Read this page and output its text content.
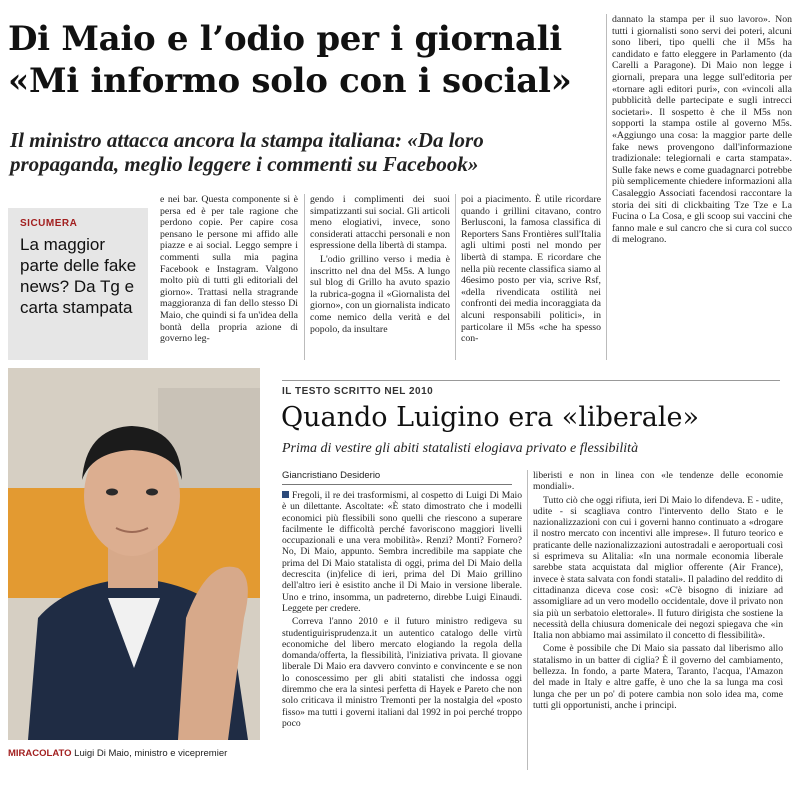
Di Maio e l’odio per i giornali
«Mi informo solo con i social»
Il ministro attacca ancora la stampa italiana: «Da loro propaganda, meglio leggere i commenti su Facebook»
SICUMERA
La maggior parte delle fake news? Da Tg e carta stampata

e nei bar. Questa componente si è persa ed è per tale ragione che perdono copie. Per capire cosa pensano le persone mi affido alle piazze e ai social. Leggo sempre i commenti sulla mia pagina Facebook e Instagram. Valgono molto più di tutti gli editoriali del giorno». Trattasi nella stragrande maggioranza di fan dello stesso Di Maio, che quindi si fa un'idea della bontà della propria azione di governo leg-

gendo i complimenti dei suoi simpatizzanti sui social. Gli articoli meno elogiativi, invece, sono considerati attacchi personali e non espressione della libertà di stampa.

L'odio grillino verso i media è inscritto nel dna del M5s. A lungo sul blog di Grillo ha avuto spazio la rubrica-gogna il «Giornalista del giorno», con un giornalista indicato come nemico della verità e del popolo, da insultare

poi a piacimento. È utile ricordare quando i grillini citavano, contro Berlusconi, la famosa classifica di Reporters Sans Frontières sull'Italia agli ultimi posti nel mondo per libertà di stampa. E ricordare che nella più recente classifica siamo al 46esimo posto per via, scrive Rsf, «della rivendicata ostilità nei confronti dei media incoraggiata da alcuni responsabili politici», in particolare il M5s «che ha spesso con-

dannato la stampa per il suo lavoro». Non tutti i giornalisti sono servi dei poteri, alcuni sono liberi, tipo quelli che il M5s ha candidato e fatto eleggere in Parlamento (da Carelli a Paragone). Di Maio non legge i giornali, prepara una legge sull'editoria per «tornare agli editori puri», con «vincoli alla pubblicità delle partecipate e sugli intrecci societari». Il sospetto è che il M5s non sopporti la stampa ostile al governo M5s. «Aggiungo una cosa: la maggior parte delle fake news provengono dall'informazione tradizionale: telegiornali e carta stampata». Sulle fake news e come guadagnarci potrebbe più semplicemente chiedere informazioni alla Casaleggio Associati facendosi raccontare la storia dei siti di clickbaiting Tze Tze e La Fucina o La Cosa, e gli scoop sui vaccini che fanno male e sul cancro che si cura col succo di melograno.

MIRACOLATO Luigi Di Maio, ministro e vicepremier
IL TESTO SCRITTO NEL 2010
Quando Luigino era «liberale»
Prima di vestire gli abiti statalisti elogiava privato e flessibilità
Giancristiano Desiderio

Fregoli, il re dei trasformismi, al cospetto di Luigi Di Maio è un dilettante. Ascoltate: «È stato dimostrato che i modelli economici più flessibili sono quelli che riescono a superare facilmente le difficoltà perché favoriscono maggiori livelli occupazionali e una vera mobilità». Renzi? Monti? Fornero? No, Di Maio, appunto. Sembra incredibile ma sappiate che prima del Di Maio statalista di oggi, prima del Di Maio della decrescita (in)felice di ieri, prima del Di Maio grillino dell'altro ieri è esistito anche il Di Maio in versione liberale. Uno e trino, insomma, un padreterno, direbbe Luigi Einaudi. Leggete per credere.

Correva l'anno 2010 e il futuro ministro redigeva su studentiguirisprudenza.it un autentico catalogo delle virtù economiche del libero mercato elogiando la regola della domanda/offerta, la flessibilità, l'iniziativa privata. Il giovane liberale Di Maio era davvero convinto e convincente e se non lo conoscessimo per gli abiti statalisti che indossa oggi diremmo che era la sintesi perfetta di Hayek e Pareto che non solo criticava il ministro Tremonti per la nostalgia del «posto fisso» ma tutti i governi italiani dal 1992 in poi perché troppo poco

liberisti e non in linea con «le tendenze delle economie mondiali».

Tutto ciò che oggi rifiuta, ieri Di Maio lo difendeva. E - udite, udite - si scagliava contro l'intervento dello Stato e le nazionalizzazioni con cui i governi hanno continuato a «drogare il nostro mercato con incentivi alle imprese». Il futuro teorico e praticante delle nazionalizzazioni autostradali e aeroportuali così si esprimeva su Alitalia: «In una normale economia liberale sarebbe stata acquistata dal miglior offerente (Air France), invece è stata salvata con fondi statali». Il paladino del reddito di cittadinanza diceva cose così: «C'è bisogno di iniziare ad assomigliare ad un vero modello occidentale, dove il privato non sia più un serbatoio elettorale». Il futuro dirigista che sostiene la necessità della chiusura domenicale dei negozi spiegava che «in Italia non abbiamo mai assimilato il concetto di flessibilità».

Come è possibile che Di Maio sia passato dal liberismo allo statalismo in un batter di ciglia? È il governo del cambiamento, bellezza. In fondo, a parte Matera, Taranto, l'acqua, l'Amazon del made in Italy e altre gaffe, è uno che la sa lunga ma così lunga che per un po' di potere cambia non solo idea ma, come tutti gli opportunisti, anche i principi.
